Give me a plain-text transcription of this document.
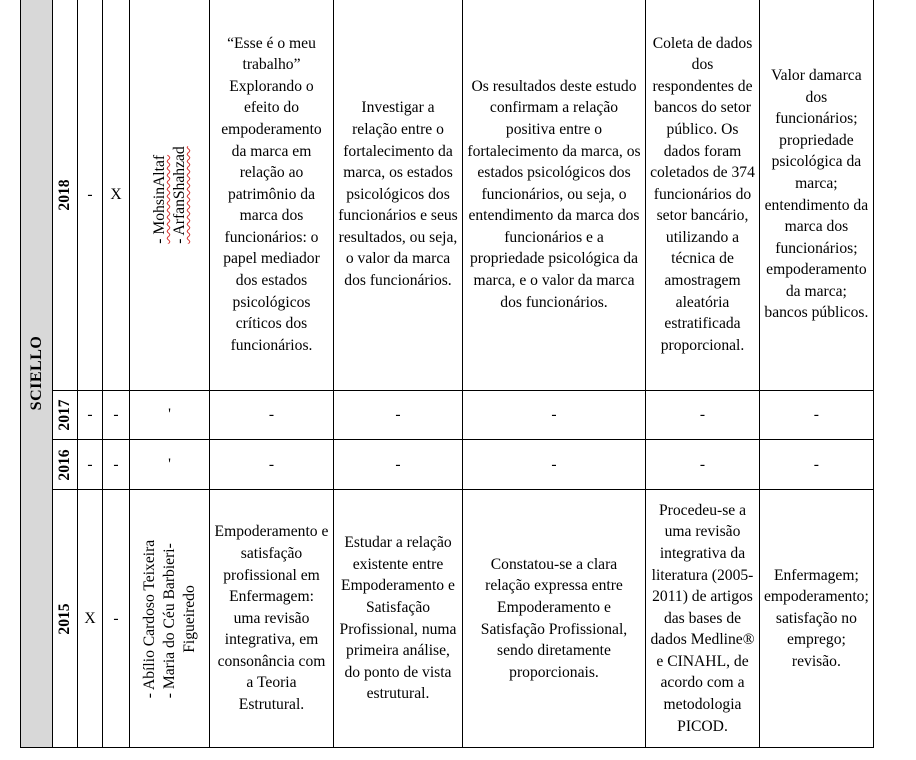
SCIELLO	2018	-	X	- MohsinAltaf - ArfanShahzad	“Esse é o meu trabalho” Explorando o efeito do empoderamento da marca em relação ao patrimônio da marca dos funcionários: o papel mediador dos estados psicológicos críticos dos funcionários.	Investigar a relação entre o fortalecimento da marca, os estados psicológicos dos funcionários e seus resultados, ou seja, o valor da marca dos funcionários.	Os resultados deste estudo confirmam a relação positiva entre o fortalecimento da marca, os estados psicológicos dos funcionários, ou seja, o entendimento da marca dos funcionários e a propriedade psicológica da marca, e o valor da marca dos funcionários.	Coleta de dados dos respondentes de bancos do setor público. Os dados foram coletados de 374 funcionários do setor bancário, utilizando a técnica de amostragem aleatória estratificada proporcional.	Valor damarca dos funcionários; propriedade psicológica da marca; entendimento da marca dos funcionários; empoderamento da marca; bancos públicos.

	2017	-	-	'	-	-	-	-	-

	2016	-	-	'	-	-	-	-	-

	2015	X	-	- Abílio Cardoso Teixeira - Maria do Céu Barbieri- Figueiredo	Empoderamento e satisfação profissional em Enfermagem: uma revisão integrativa, em consonância com a Teoria Estrutural.	Estudar a relação existente entre Empoderamento e Satisfação Profissional, numa primeira análise, do ponto de vista estrutural.	Constatou-se a clara relação expressa entre Empoderamento e Satisfação Profissional, sendo diretamente proporcionais.	Procedeu-se a uma revisão integrativa da literatura (2005-2011) de artigos das bases de dados Medline® e CINAHL, de acordo com a metodologia PICOD.	Enfermagem; empoderamento; satisfação no emprego; revisão.
